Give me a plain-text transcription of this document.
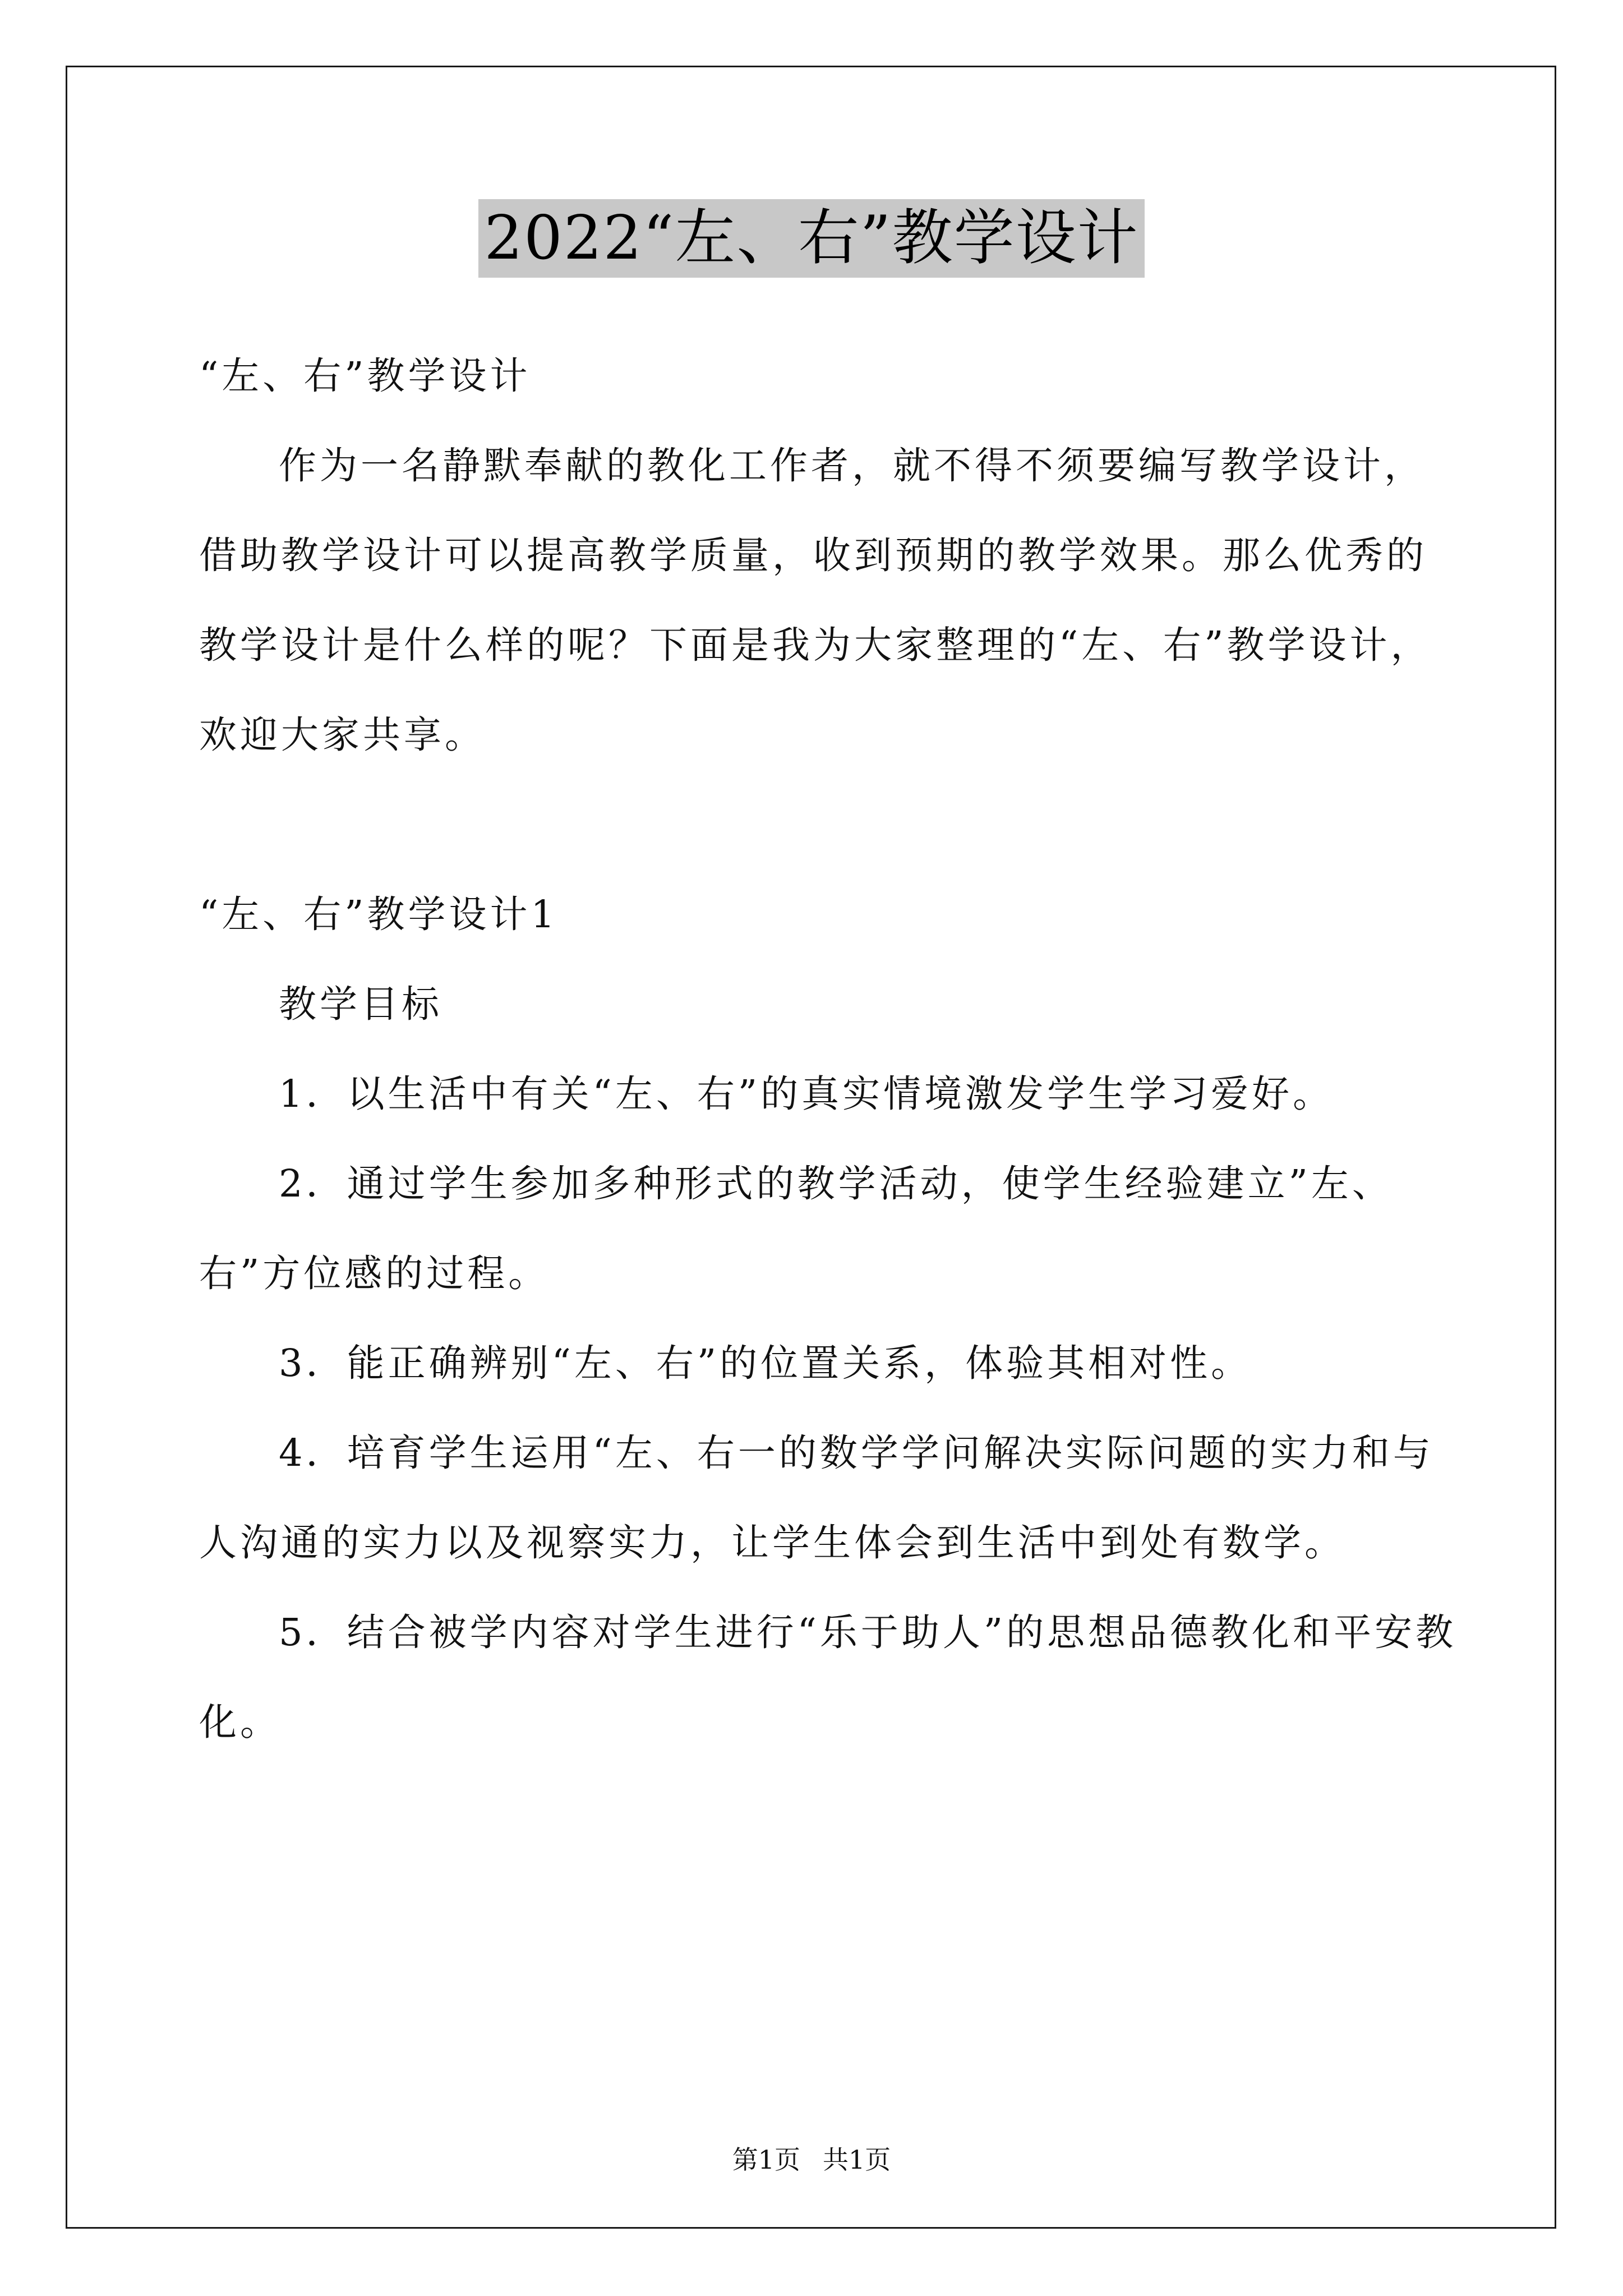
2022“左、右”教学设计

“左、右”教学设计

作为一名静默奉献的教化工作者，就不得不须要编写教学设计，借助教学设计可以提高教学质量，收到预期的教学效果。那么优秀的教学设计是什么样的呢？下面是我为大家整理的“左、右”教学设计，欢迎大家共享。

“左、右”教学设计1

教学目标

1．以生活中有关“左、右”的真实情境激发学生学习爱好。

2．通过学生参加多种形式的教学活动，使学生经验建立”左、右”方位感的过程。

3．能正确辨别“左、右”的位置关系，体验其相对性。

4．培育学生运用“左、右一的数学学问解决实际问题的实力和与人沟通的实力以及视察实力，让学生体会到生活中到处有数学。

5．结合被学内容对学生进行“乐于助人”的思想品德教化和平安教化。

第1页 共1页
